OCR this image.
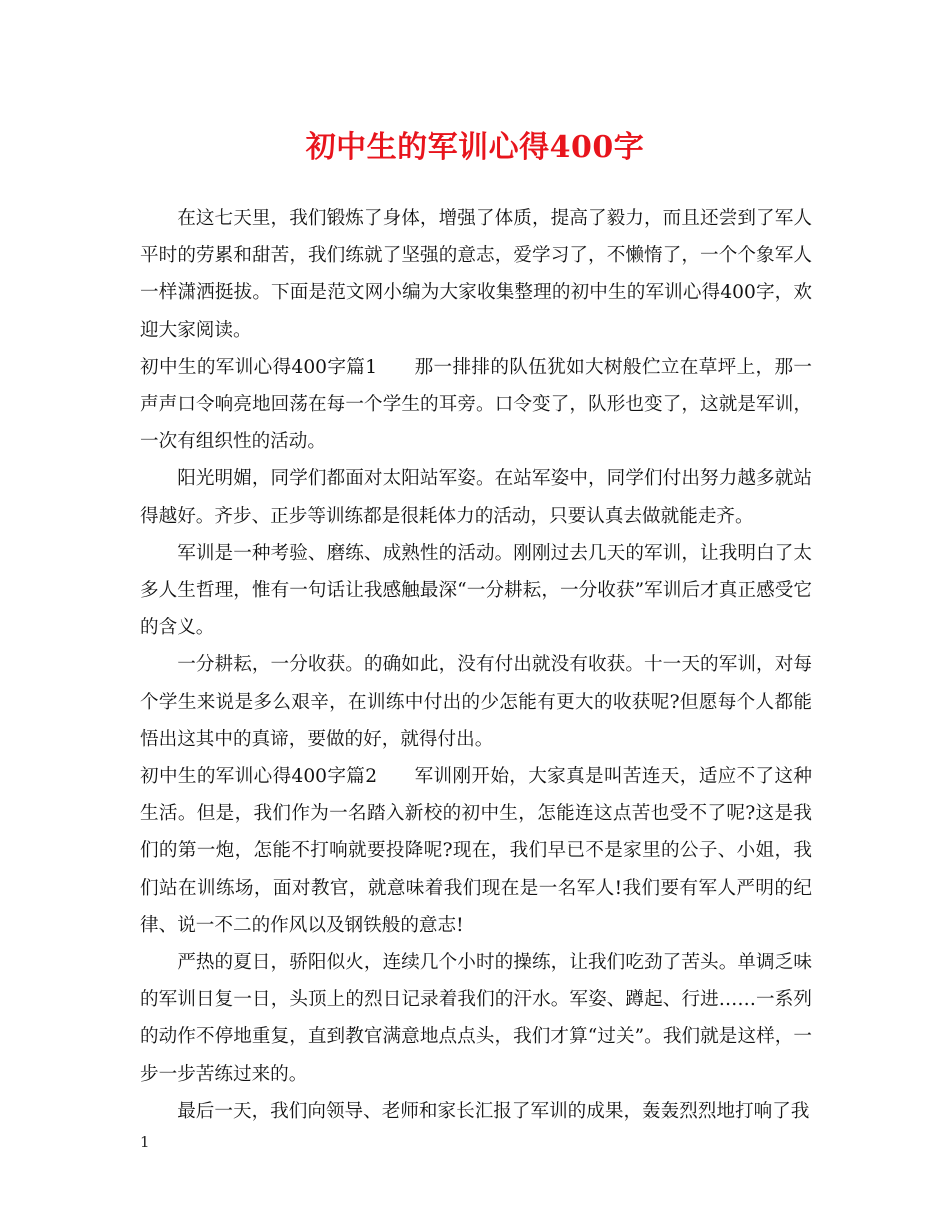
初中生的军训心得400字

在这七天里，我们锻炼了身体，增强了体质，提高了毅力，而且还尝到了军人平时的劳累和甜苦，我们练就了坚强的意志，爱学习了，不懒惰了，一个个象军人一样潇洒挺拔。下面是范文网小编为大家收集整理的初中生的军训心得400字，欢迎大家阅读。

初中生的军训心得400字篇1   那一排排的队伍犹如大树般伫立在草坪上，那一声声口令响亮地回荡在每一个学生的耳旁。口令变了，队形也变了，这就是军训，一次有组织性的活动。

阳光明媚，同学们都面对太阳站军姿。在站军姿中，同学们付出努力越多就站得越好。齐步、正步等训练都是很耗体力的活动，只要认真去做就能走齐。

军训是一种考验、磨练、成熟性的活动。刚刚过去几天的军训，让我明白了太多人生哲理，惟有一句话让我感触最深“一分耕耘，一分收获”军训后才真正感受它的含义。

一分耕耘，一分收获。的确如此，没有付出就没有收获。十一天的军训，对每个学生来说是多么艰辛，在训练中付出的少怎能有更大的收获呢?但愿每个人都能悟出这其中的真谛，要做的好，就得付出。

初中生的军训心得400字篇2   军训刚开始，大家真是叫苦连天，适应不了这种生活。但是，我们作为一名踏入新校的初中生，怎能连这点苦也受不了呢?这是我们的第一炮，怎能不打响就要投降呢?现在，我们早已不是家里的公子、小姐，我们站在训练场，面对教官，就意味着我们现在是一名军人!我们要有军人严明的纪律、说一不二的作风以及钢铁般的意志!

严热的夏日，骄阳似火，连续几个小时的操练，让我们吃劲了苦头。单调乏味的军训日复一日，头顶上的烈日记录着我们的汗水。军姿、蹲起、行进……一系列的动作不停地重复，直到教官满意地点点头，我们才算“过关”。我们就是这样，一步一步苦练过来的。

最后一天，我们向领导、老师和家长汇报了军训的成果，轰轰烈烈地打响了我

1
